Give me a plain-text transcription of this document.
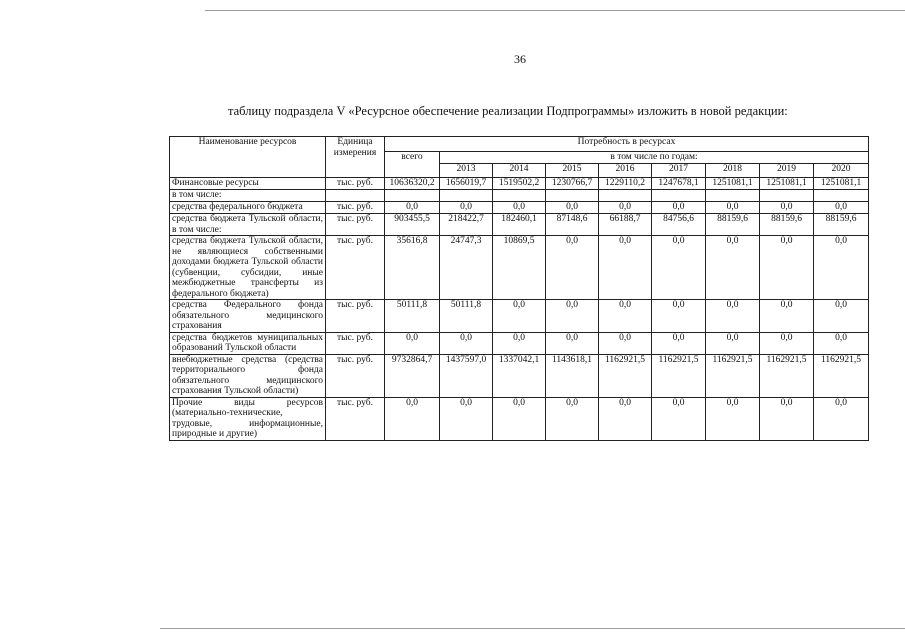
36
таблицу подраздела V «Ресурсное обеспечение реализации Подпрограммы» изложить в новой редакции:
Наименование ресурсов	Единица измерения	Потребность в ресурсах								
		всего	в том числе по годам:							
			2013	2014	2015	2016	2017	2018	2019	2020
Финансовые ресурсы	тыс. руб.	10636320,2	1656019,7	1519502,2	1230766,7	1229110,2	1247678,1	1251081,1	1251081,1	1251081,1
в том числе:										
средства федерального бюджета	тыс. руб.	0,0	0,0	0,0	0,0	0,0	0,0	0,0	0,0	0,0
средства бюджета Тульской области, в том числе:	тыс. руб.	903455,5	218422,7	182460,1	87148,6	66188,7	84756,6	88159,6	88159,6	88159,6
средства бюджета Тульской области, не являющиеся собственными доходами бюджета Тульской области (субвенции, субсидии, иные межбюджетные трансферты из федерального бюджета)	тыс. руб.	35616,8	24747,3	10869,5	0,0	0,0	0,0	0,0	0,0	0,0
средства Федерального фонда обязательного медицинского страхования	тыс. руб.	50111,8	50111,8	0,0	0,0	0,0	0,0	0,0	0,0	0,0
средства бюджетов муниципальных образований Тульской области	тыс. руб.	0,0	0,0	0,0	0,0	0,0	0,0	0,0	0,0	0,0
внебюджетные средства (средства территориального фонда обязательного медицинского страхования Тульской области)	тыс. руб.	9732864,7	1437597,0	1337042,1	1143618,1	1162921,5	1162921,5	1162921,5	1162921,5	1162921,5
Прочие виды ресурсов (материально-технические, трудовые, информационные, природные и другие)	тыс. руб.	0,0	0,0	0,0	0,0	0,0	0,0	0,0	0,0	0,0
